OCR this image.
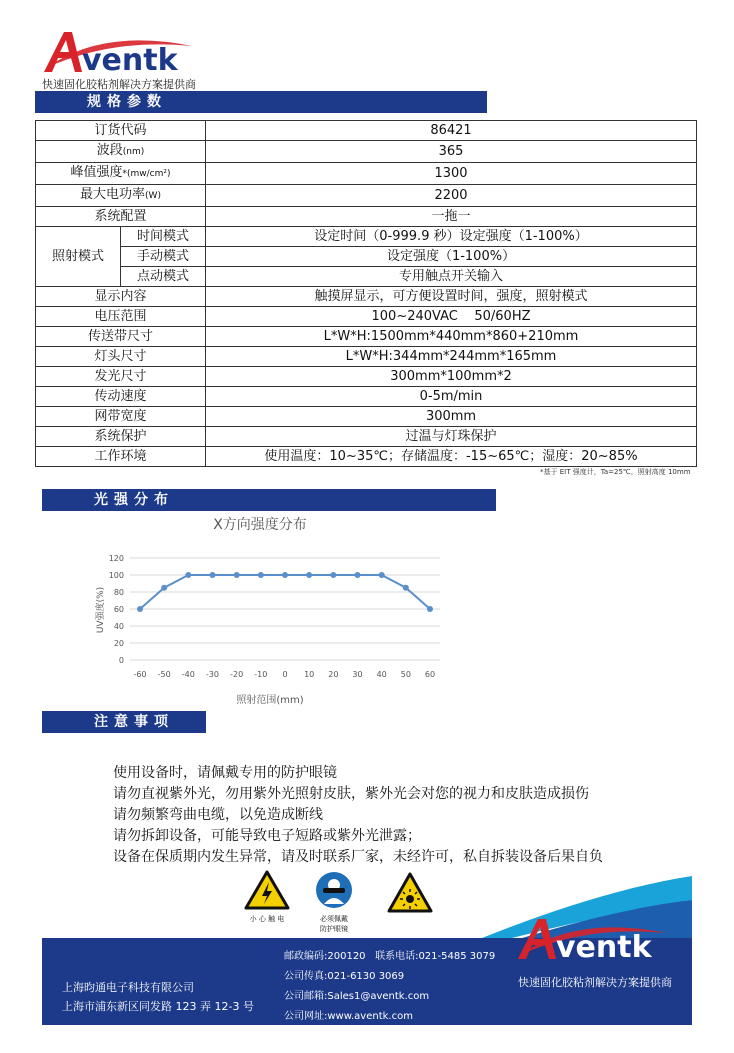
ventk
快速固化胶粘剂解决方案提供商
规格参数
订货代码		86421
波段(nm)		365
峰值强度*(mw/cm²)		1300
最大电功率(W)		2200
系统配置		一拖一
照射模式	时间模式	设定时间（0-999.9 秒）设定强度（1-100%）
	手动模式	设定强度（1-100%）
	点动模式	专用触点开关输入
显示内容		触摸屏显示，可方便设置时间，强度，照射模式
电压范围		100~240VAC    50/60HZ
传送带尺寸		L*W*H:1500mm*440mm*860+210mm
灯头尺寸		L*W*H:344mm*244mm*165mm
发光尺寸		300mm*100mm*2
传动速度		0-5m/min
网带宽度		300mm
系统保护		过温与灯珠保护
工作环境		使用温度：10~35℃；存储温度：-15~65℃；湿度：20~85%
*基于 EIT 强度计，Ta=25℃，照射高度 10mm
光强分布
X方向强度分布
0
20
40
60
80
100
120
-60 -50 -40 -30 -20 -10 0 10 20 30 40 50 60
UV强度(%)
照射范围(mm)
注意事项
使用设备时，请佩戴专用的防护眼镜
请勿直视紫外光，勿用紫外光照射皮肤，紫外光会对您的视力和皮肤造成损伤
请勿频繁弯曲电缆，以免造成断线
请勿拆卸设备，可能导致电子短路或紫外光泄露；
设备在保质期内发生异常，请及时联系厂家，未经许可，私自拆装设备后果自负
小 心 触 电	必须佩戴
防护眼镜
上海昀通电子科技有限公司
上海市浦东新区同发路 123 弄 12-3 号
邮政编码:200120   联系电话:021-5485 3079
公司传真:021-6130 3069
公司邮箱:Sales1@aventk.com
公司网址:www.aventk.com
ventk
快速固化胶粘剂解决方案提供商
